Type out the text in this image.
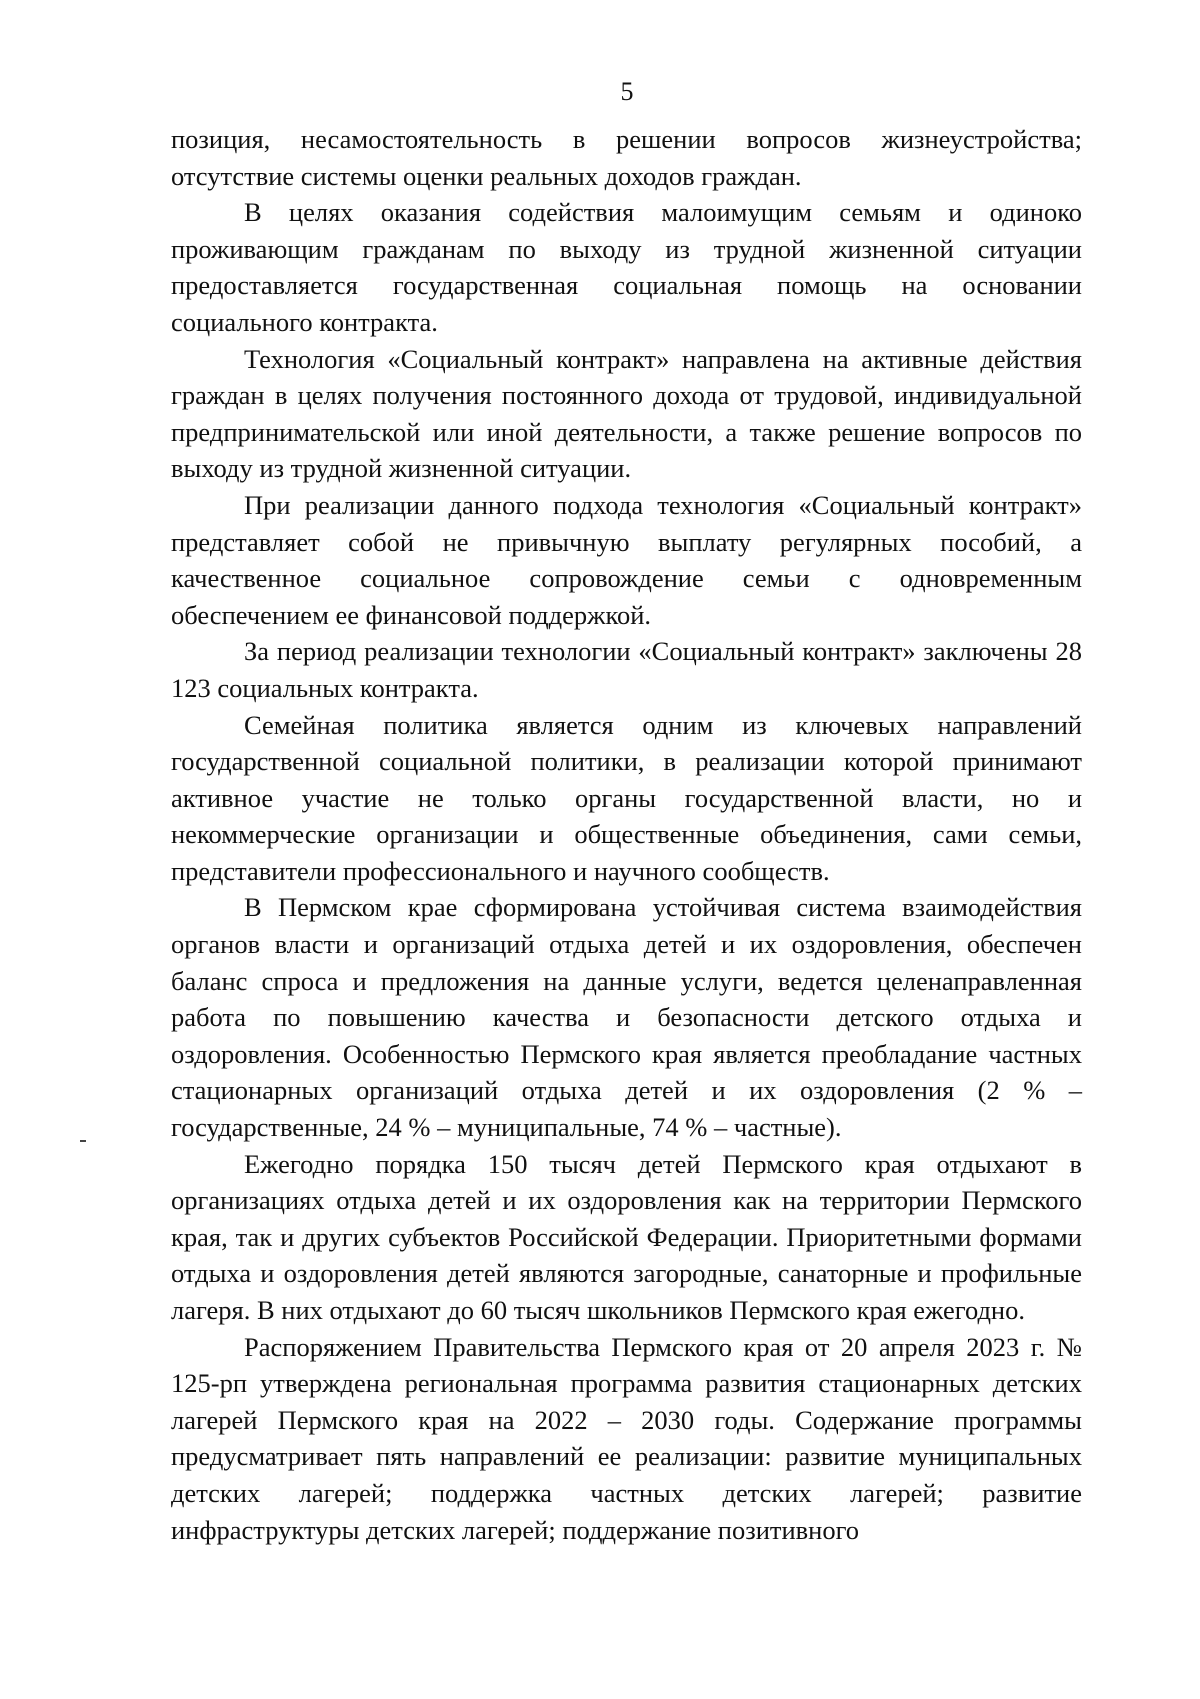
5

позиция, несамостоятельность в решении вопросов жизнеустройства; отсутствие системы оценки реальных доходов граждан.

В целях оказания содействия малоимущим семьям и одиноко проживающим гражданам по выходу из трудной жизненной ситуации предоставляется государственная социальная помощь на основании социального контракта.

Технология «Социальный контракт» направлена на активные действия граждан в целях получения постоянного дохода от трудовой, индивидуальной предпринимательской или иной деятельности, а также решение вопросов по выходу из трудной жизненной ситуации.

При реализации данного подхода технология «Социальный контракт» представляет собой не привычную выплату регулярных пособий, а качественное социальное сопровождение семьи с одновременным обеспечением ее финансовой поддержкой.

За период реализации технологии «Социальный контракт» заключены 28 123 социальных контракта.

Семейная политика является одним из ключевых направлений государственной социальной политики, в реализации которой принимают активное участие не только органы государственной власти, но и некоммерческие организации и общественные объединения, сами семьи, представители профессионального и научного сообществ.

В Пермском крае сформирована устойчивая система взаимодействия органов власти и организаций отдыха детей и их оздоровления, обеспечен баланс спроса и предложения на данные услуги, ведется целенаправленная работа по повышению качества и безопасности детского отдыха и оздоровления. Особенностью Пермского края является преобладание частных стационарных организаций отдыха детей и их оздоровления (2 % – государственные, 24 % – муниципальные, 74 % – частные).

Ежегодно порядка 150 тысяч детей Пермского края отдыхают в организациях отдыха детей и их оздоровления как на территории Пермского края, так и других субъектов Российской Федерации. Приоритетными формами отдыха и оздоровления детей являются загородные, санаторные и профильные лагеря. В них отдыхают до 60 тысяч школьников Пермского края ежегодно.

Распоряжением Правительства Пермского края от 20 апреля 2023 г. № 125-рп утверждена региональная программа развития стационарных детских лагерей Пермского края на 2022 – 2030 годы. Содержание программы предусматривает пять направлений ее реализации: развитие муниципальных детских лагерей; поддержка частных детских лагерей; развитие инфраструктуры детских лагерей; поддержание позитивного
